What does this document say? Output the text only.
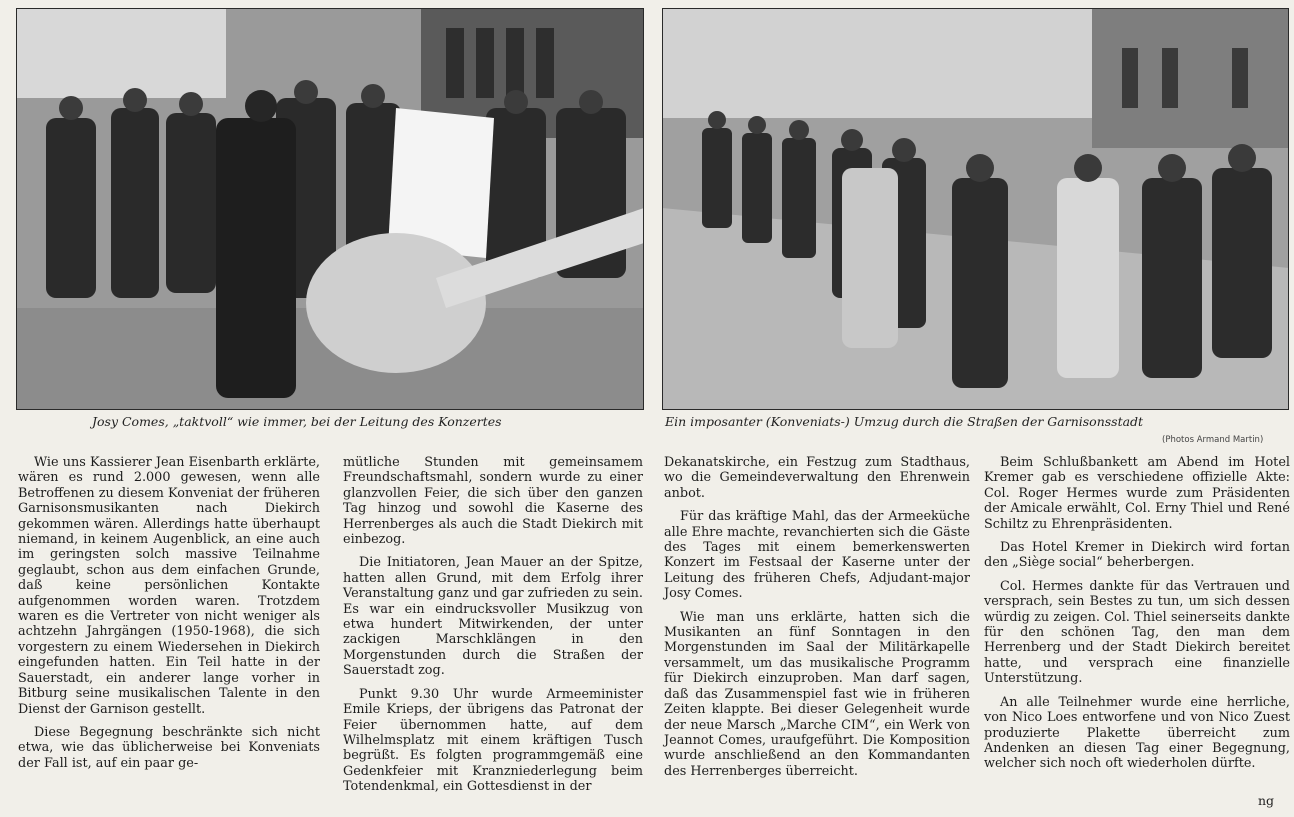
Josy Comes, „taktvoll“ wie immer, bei der Leitung des Konzertes	Ein imposanter (Konveniats-) Umzug durch die Straßen der Garnisonsstadt
(Photos Armand Martin)

Wie uns Kassierer Jean Eisenbarth erklärte, wären es rund 2.000 gewesen, wenn alle Betroffenen zu diesem Konveniat der früheren Garnisonsmusikanten nach Diekirch gekommen wären. Allerdings hatte überhaupt niemand, in keinem Augenblick, an eine auch im geringsten solch massive Teilnahme geglaubt, schon aus dem einfachen Grunde, daß keine persönlichen Kontakte aufgenommen worden waren. Trotzdem waren es die Vertreter von nicht weniger als achtzehn Jahrgängen (1950-1968), die sich vorgestern zu einem Wiedersehen in Diekirch eingefunden hatten. Ein Teil hatte in der Sauerstadt, ein anderer lange vorher in Bitburg seine musikalischen Talente in den Dienst der Garnison gestellt.

Diese Begegnung beschränkte sich nicht etwa, wie das üblicherweise bei Konveniats der Fall ist, auf ein paar ge-

mütliche Stunden mit gemeinsamem Freundschaftsmahl, sondern wurde zu einer glanzvollen Feier, die sich über den ganzen Tag hinzog und sowohl die Kaserne des Herrenberges als auch die Stadt Diekirch mit einbezog.

Die Initiatoren, Jean Mauer an der Spitze, hatten allen Grund, mit dem Erfolg ihrer Veranstaltung ganz und gar zufrieden zu sein. Es war ein eindrucksvoller Musikzug von etwa hundert Mitwirkenden, der unter zackigen Marschklängen in den Morgenstunden durch die Straßen der Sauerstadt zog.

Punkt 9.30 Uhr wurde Armeeminister Emile Krieps, der übrigens das Patronat der Feier übernommen hatte, auf dem Wilhelmsplatz mit einem kräftigen Tusch begrüßt. Es folgten programmgemäß eine Gedenkfeier mit Kranzniederlegung beim Totendenkmal, ein Gottesdienst in der

Dekanatskirche, ein Festzug zum Stadthaus, wo die Gemeindeverwaltung den Ehrenwein anbot.

Für das kräftige Mahl, das der Armeeküche alle Ehre machte, revanchierten sich die Gäste des Tages mit einem bemerkenswerten Konzert im Festsaal der Kaserne unter der Leitung des früheren Chefs, Adjudant-major Josy Comes.

Wie man uns erklärte, hatten sich die Musikanten an fünf Sonntagen in den Morgenstunden im Saal der Militärkapelle versammelt, um das musikalische Programm für Diekirch einzuproben. Man darf sagen, daß das Zusammenspiel fast wie in früheren Zeiten klappte. Bei dieser Gelegenheit wurde der neue Marsch „Marche CIM“, ein Werk von Jeannot Comes, uraufgeführt. Die Komposition wurde anschließend an den Kommandanten des Herrenberges überreicht.

Beim Schlußbankett am Abend im Hotel Kremer gab es verschiedene offizielle Akte: Col. Roger Hermes wurde zum Präsidenten der Amicale erwählt, Col. Erny Thiel und René Schiltz zu Ehrenpräsidenten.

Das Hotel Kremer in Diekirch wird fortan den „Siège social“ beherbergen.

Col. Hermes dankte für das Vertrauen und versprach, sein Bestes zu tun, um sich dessen würdig zu zeigen. Col. Thiel seinerseits dankte für den schönen Tag, den man dem Herrenberg und der Stadt Diekirch bereitet hatte, und versprach eine finanzielle Unterstützung.

An alle Teilnehmer wurde eine herrliche, von Nico Loes entworfene und von Nico Zuest produzierte Plakette überreicht zum Andenken an diesen Tag einer Begegnung, welcher sich noch oft wiederholen dürfte.

ng
